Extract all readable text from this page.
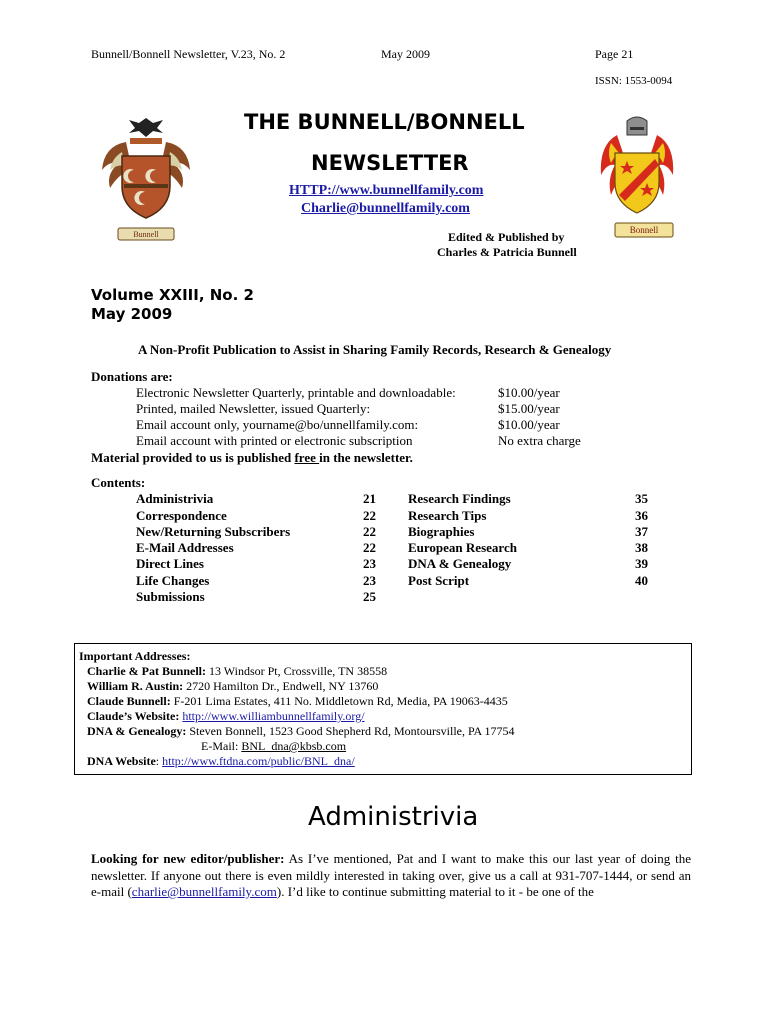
Bunnell/Bonnell Newsletter, V.23, No. 2	May 2009	Page 21
ISSN: 1553-0094
Bunnell	Bonnell
THE BUNNELL/BONNELL
NEWSLETTER
HTTP://www.bunnellfamily.com
Charlie@bunnellfamily.com
Edited & Published by
Charles & Patricia Bunnell
Volume XXIII, No. 2
May 2009
A Non-Profit Publication to Assist in Sharing Family Records, Research & Genealogy
Donations are:
Electronic Newsletter Quarterly, printable and downloadable:	$10.00/year
Printed, mailed Newsletter, issued Quarterly:	$15.00/year
Email account only, yourname@bo/unnellfamily.com:	$10.00/year
Email account with printed or electronic subscription	No extra charge
Material provided to us is published free in the newsletter.
Contents:
Administrivia	21
Correspondence	22
New/Returning Subscribers	22
E-Mail Addresses	22
Direct Lines	23
Life Changes	23
Submissions	25
Research Findings	35
Research Tips	36
Biographies	37
European Research	38
DNA & Genealogy	39
Post Script	40
Important Addresses:
Charlie & Pat Bunnell: 13 Windsor Pt, Crossville, TN 38558
William R. Austin: 2720 Hamilton Dr., Endwell, NY 13760
Claude Bunnell: F-201 Lima Estates, 411 No. Middletown Rd, Media, PA 19063-4435
Claude’s Website: http://www.williambunnellfamily.org/
DNA & Genealogy: Steven Bonnell, 1523 Good Shepherd Rd, Montoursville, PA 17754
E-Mail: BNL_dna@kbsb.com
DNA Website: http://www.ftdna.com/public/BNL_dna/
Administrivia
Looking for new editor/publisher: As I’ve mentioned, Pat and I want to make this our last year of doing the newsletter. If anyone out there is even mildly interested in taking over, give us a call at 931-707-1444, or send an e-mail (charlie@bunnellfamily.com). I’d like to continue submitting material to it - be one of the
